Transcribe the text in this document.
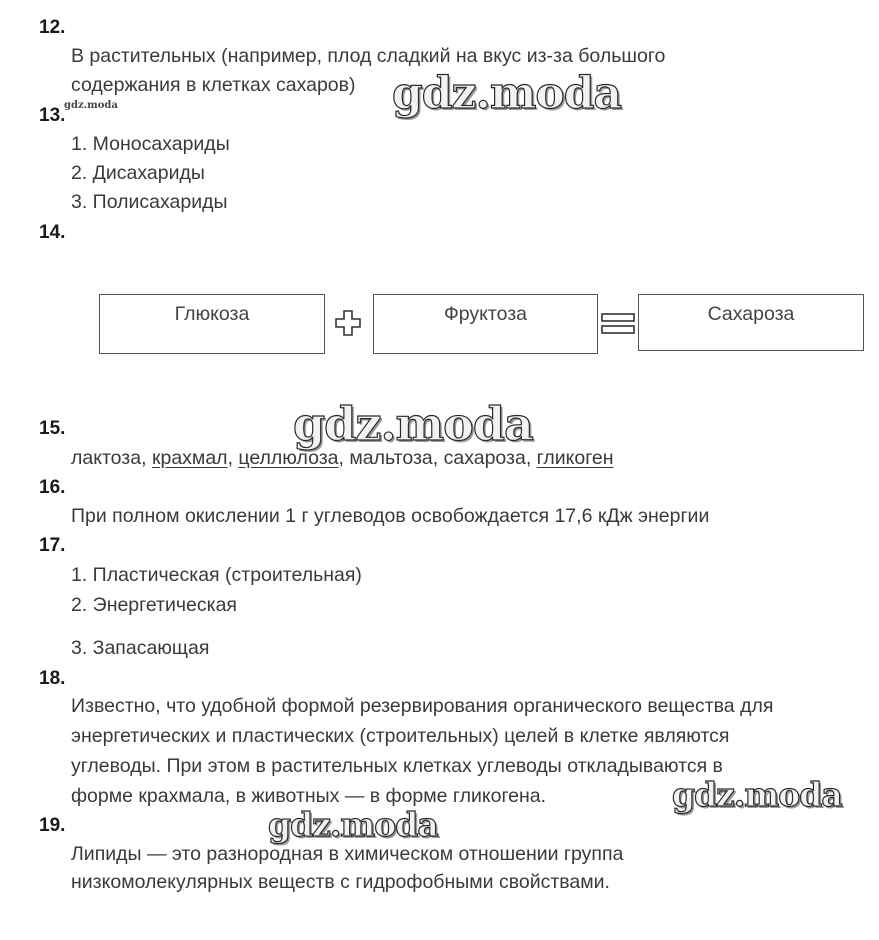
12.
В растительных (например, плод сладкий на вкус из-за большого
содержания в клетках сахаров) gdz.moda
gdz.moda
13.
1. Моносахариды
2. Дисахариды
3. Полисахариды
14.
Глюкоза	Фруктоза	Сахароза
gdz.moda
15.
лактоза, крахмал, целлюлоза, мальтоза, сахароза, гликоген
16.
При полном окислении 1 г углеводов освобождается 17,6 кДж энергии
17.
1. Пластическая (строительная)
2. Энергетическая
3. Запасающая
18.
Известно, что удобной формой резервирования органического вещества для
энергетических и пластических (строительных) целей в клетке являются
углеводы. При этом в растительных клетках углеводы откладываются в
форме крахмала, в животных — в форме гликогена.	gdz.moda
gdz.moda
19.
Липиды — это разнородная в химическом отношении группа
низкомолекулярных веществ с гидрофобными свойствами.
